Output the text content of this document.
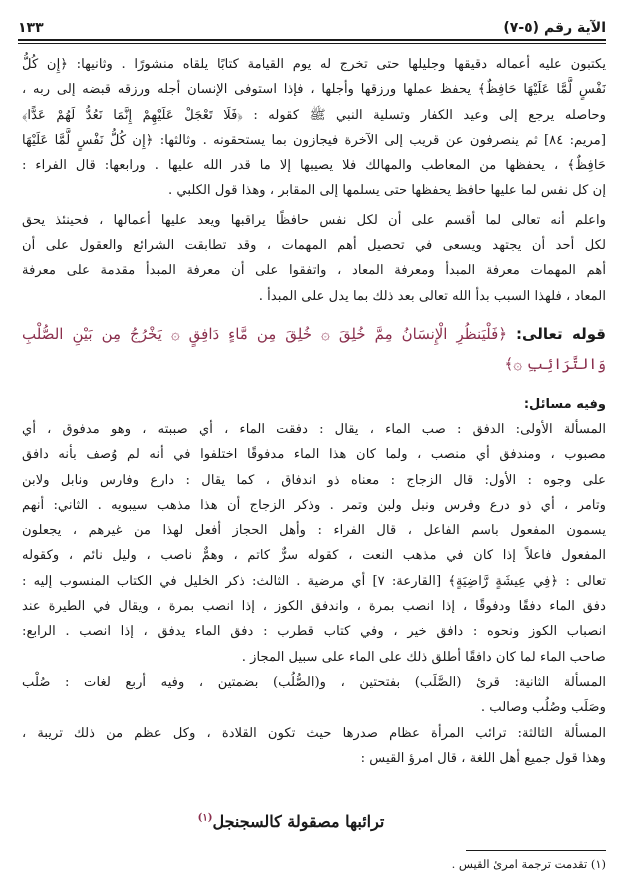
الآية رقم (٥-٧)
١٣٣

يكتبون عليه أعماله دقيقها وجليلها حتى تخرج له يوم القيامة كتابًا يلقاه منشورًا . وثانيها: ﴿إِن كُلُّ

نَفْسٍ لَّمَّا عَلَيْهَا حَافِظٌ﴾ يحفظ عملها ورزقها وأجلها ، فإذا استوفى الإنسان أجله ورزقه قبضه إلى ربه ،

وحاصله يرجع إلى وعيد الكفار وتسلية النبي ﷺ كقوله : ﴿فَلَا تَعْجَلْ عَلَيْهِمْ إِنَّمَا نَعُدُّ لَهُمْ عَدًّا﴾

[مريم: ٨٤] ثم ينصرفون عن قريب إلى الآخرة فيجازون بما يستحقونه . وثالثها: ﴿إِن كُلُّ نَفْسٍ لَّمَّا عَلَيْهَا

حَافِظٌ﴾ ، يحفظها من المعاطب والمهالك فلا يصيبها إلا ما قدر الله عليها . ورابعها: قال الفراء :

إن كل نفس لما عليها حافظ يحفظها حتى يسلمها إلى المقابر ، وهذا قول الكلبي .

واعلم أنه تعالى لما أقسم على أن لكل نفس حافظًا يراقبها ويعد عليها أعمالها ، فحينئذ يحق

لكل أحد أن يجتهد ويسعى في تحصيل أهم المهمات ، وقد تطابقت الشرائع والعقول على أن

أهم المهمات معرفة المبدأ ومعرفة المعاد ، واتفقوا على أن معرفة المبدأ مقدمة على معرفة

المعاد ، فلهذا السبب بدأ الله تعالى بعد ذلك بما يدل على المبدأ .

قوله تعالى: ﴿فَلْيَنظُرِ الْإِنسَانُ مِمَّ خُلِقَ ۞ خُلِقَ مِن مَّاءٍ دَافِقٍ ۞ يَخْرُجُ مِن بَيْنِ الصُّلْبِ

وَالتَّرَائِبِ ۞﴾

وفيه مسائل:

المسألة الأولى: الدفق : صب الماء ، يقال : دفقت الماء ، أي صببته ، وهو مدفوق ، أي

مصبوب ، ومندفق أي منصب ، ولما كان هذا الماء مدفوقًا اختلفوا في أنه لم وُصف بأنه دافق

على وجوه : الأول: قال الزجاج : معناه ذو اندفاق ، كما يقال : دارع وفارس ونابل ولابن

وتامر ، أي ذو درع وفرس ونبل ولبن وتمر . وذكر الزجاج أن هذا مذهب سيبويه . الثاني: أنهم

يسمون المفعول باسم الفاعل ، قال الفراء : وأهل الحجاز أفعل لهذا من غيرهم ، يجعلون

المفعول فاعلاً إذا كان في مذهب النعت ، كقوله سرٌّ كاتم ، وهمٌّ ناصب ، وليل نائم ، وكقوله

تعالى : ﴿فِي عِيشَةٍ رَّاضِيَةٍ﴾ [القارعة: ٧] أي مرضية . الثالث: ذكر الخليل في الكتاب المنسوب إليه :

دفق الماء دفقًا ودفوقًا ، إذا انصب بمرة ، واندفق الكوز ، إذا انصب بمرة ، ويقال في الطيرة عند

انصباب الكوز ونحوه : دافق خير ، وفي كتاب قطرب : دفق الماء يدفق ، إذا انصب . الرابع:

صاحب الماء لما كان دافقًا أطلق ذلك على الماء على سبيل المجاز .

المسألة الثانية: قرئ (الصَّلَب) بفتحتين ، و(الصُّلُب) بضمتين ، وفيه أربع لغات : صُلْب

وصَلَب وصُلُب وصالب .

المسألة الثالثة: ترائب المرأة عظام صدرها حيث تكون القلادة ، وكل عظم من ذلك تريبة ،

وهذا قول جميع أهل اللغة ، قال امرؤ القيس :

ترائبها مصقولة كالسجنجل$^{(١)}$
(١) تقدمت ترجمة امرئ القيس .
